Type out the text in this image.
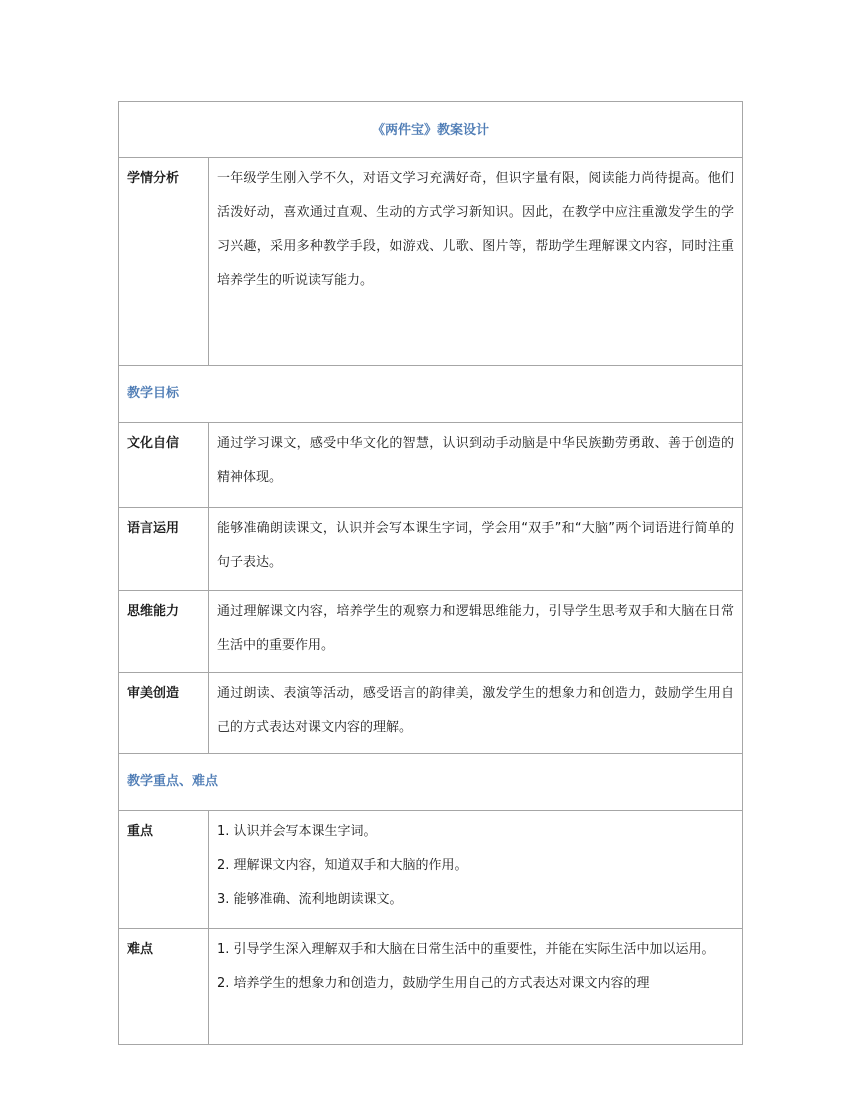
《两件宝》教案设计	
学情分析	一年级学生刚入学不久，对语文学习充满好奇，但识字量有限，阅读能力尚待提高。他们活泼好动，喜欢通过直观、生动的方式学习新知识。因此，在教学中应注重激发学生的学习兴趣，采用多种教学手段，如游戏、儿歌、图片等，帮助学生理解课文内容，同时注重培养学生的听说读写能力。
教学目标	
文化自信	通过学习课文，感受中华文化的智慧，认识到动手动脑是中华民族勤劳勇敢、善于创造的精神体现。
语言运用	能够准确朗读课文，认识并会写本课生字词，学会用“双手”和“大脑”两个词语进行简单的句子表达。
思维能力	通过理解课文内容，培养学生的观察力和逻辑思维能力，引导学生思考双手和大脑在日常生活中的重要作用。
审美创造	通过朗读、表演等活动，感受语言的韵律美，激发学生的想象力和创造力，鼓励学生用自己的方式表达对课文内容的理解。
教学重点、难点	
重点	1. 认识并会写本课生字词。

2. 理解课文内容，知道双手和大脑的作用。

3. 能够准确、流利地朗读课文。

难点	1. 引导学生深入理解双手和大脑在日常生活中的重要性，并能在实际生活中加以运用。

2. 培养学生的想象力和创造力，鼓励学生用自己的方式表达对课文内容的理
